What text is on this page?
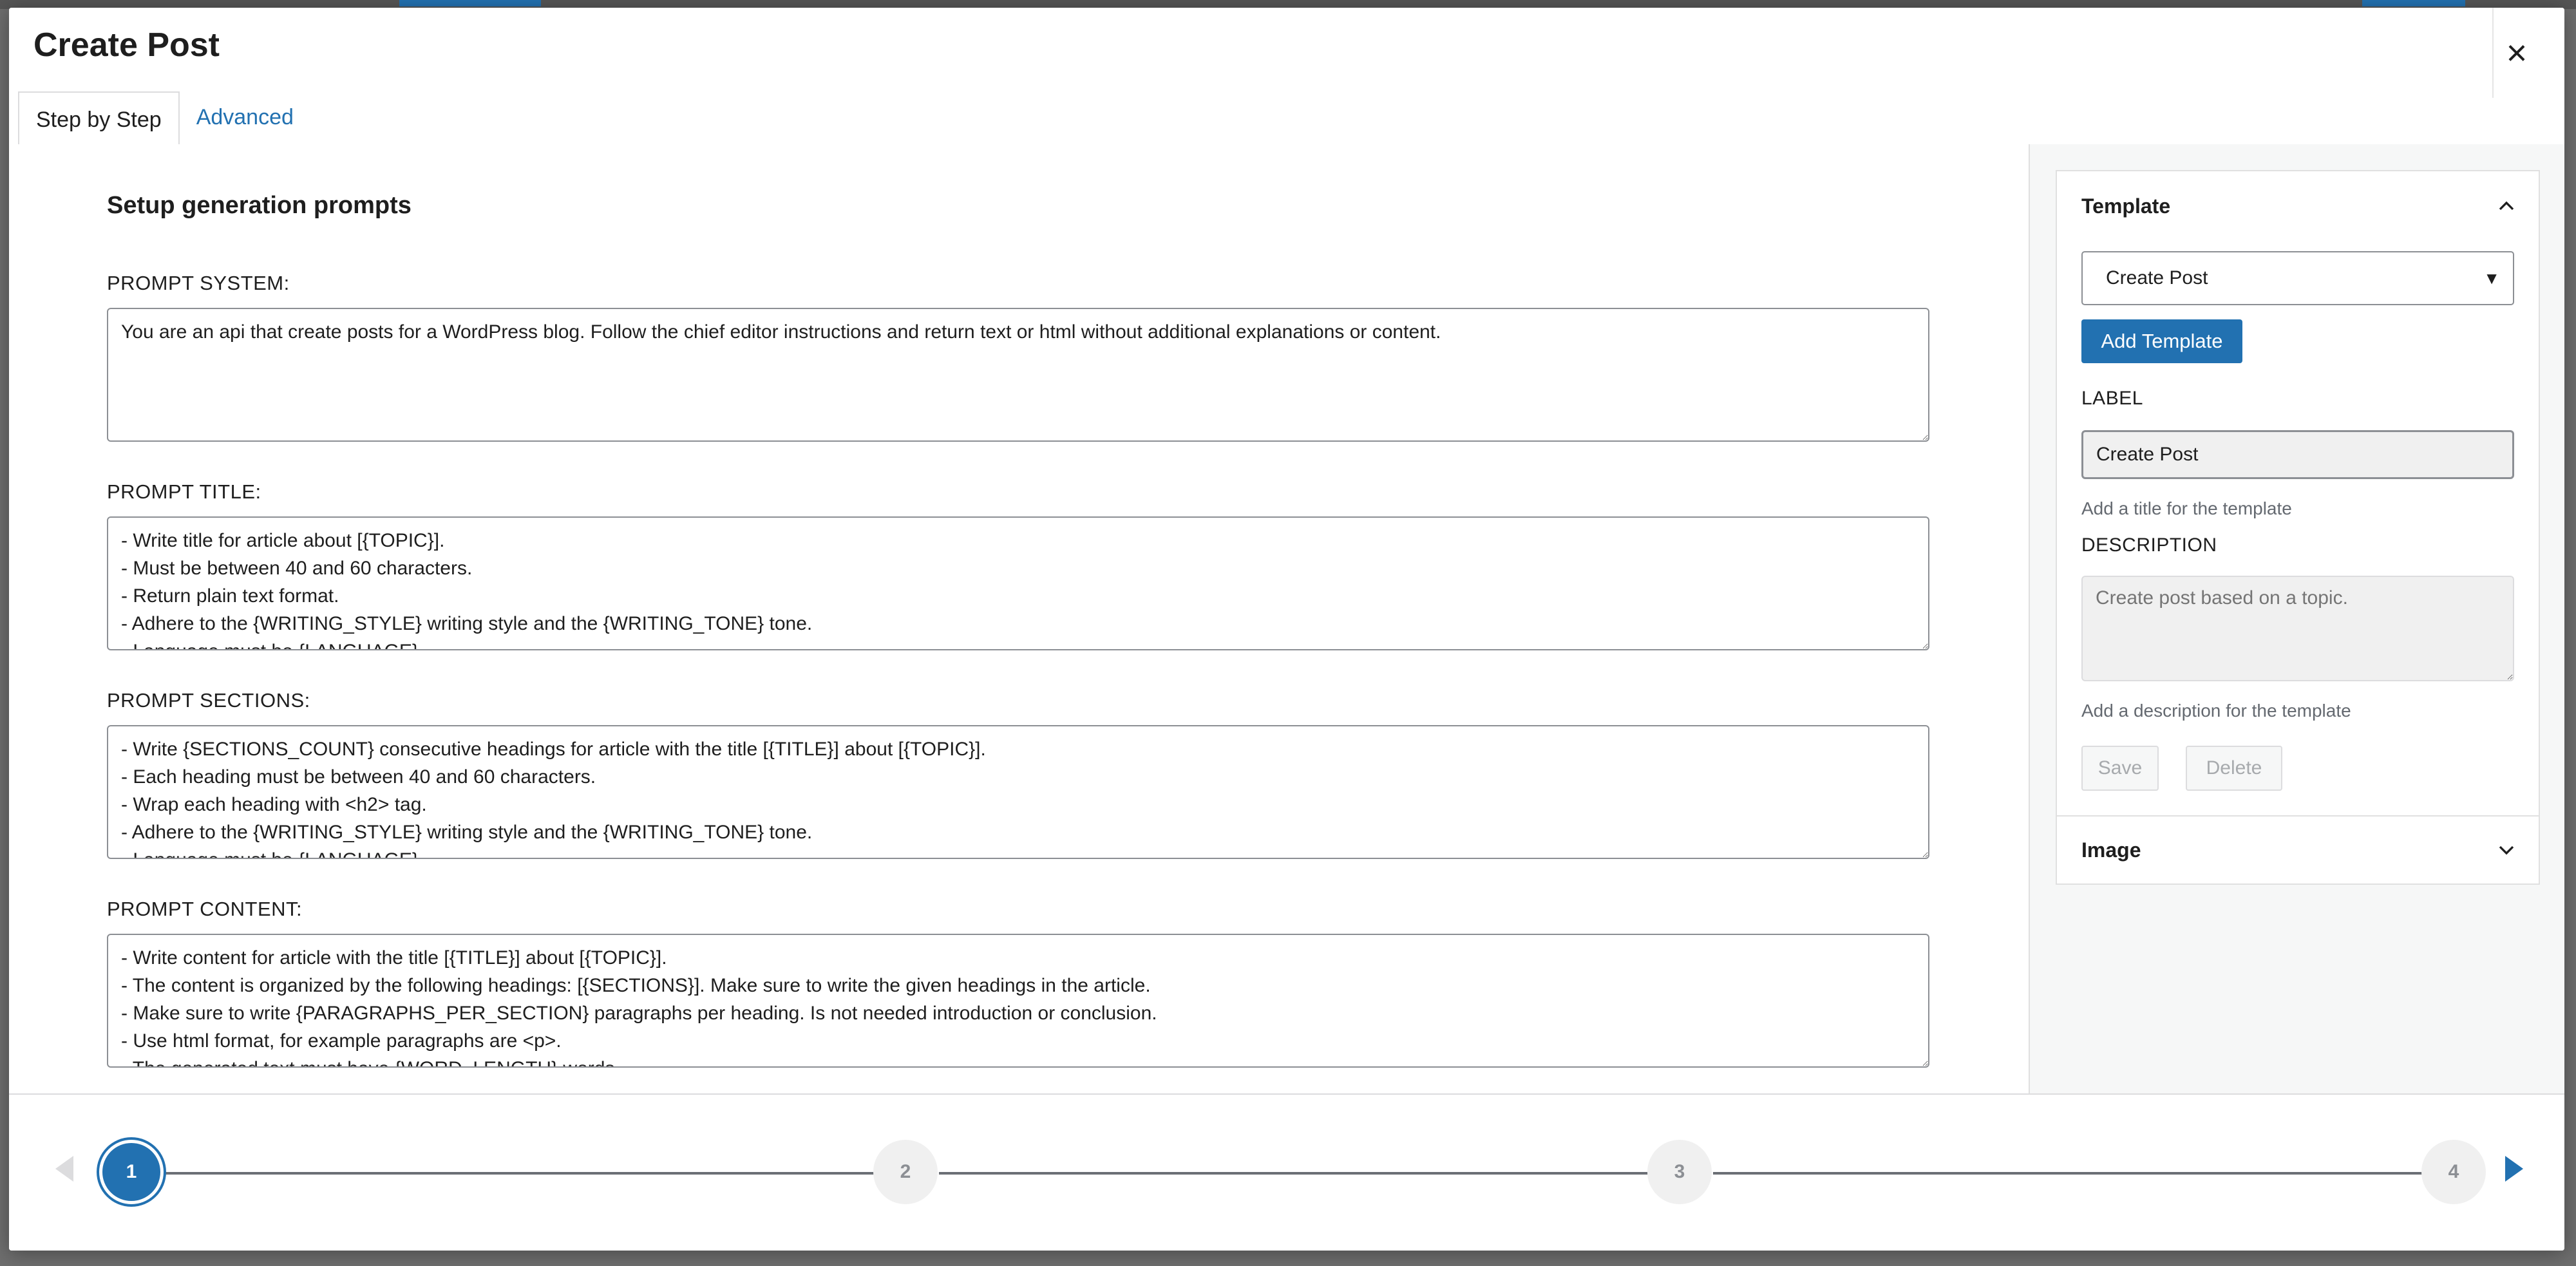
Create Post	×
Step by Step	Advanced
Setup generation prompts
PROMPT SYSTEM:
You are an api that create posts for a WordPress blog. Follow the chief editor instructions and return text or html without additional explanations or content.
PROMPT TITLE:
- Write title for article about [{TOPIC}]. - Must be between 40 and 60 characters. - Return plain text format. - Adhere to the {WRITING_STYLE} writing style and the {WRITING_TONE} tone. - Language must be {LANGUAGE}.
PROMPT SECTIONS:
- Write {SECTIONS_COUNT} consecutive headings for article with the title [{TITLE}] about [{TOPIC}]. - Each heading must be between 40 and 60 characters. - Wrap each heading with <h2> tag. - Adhere to the {WRITING_STYLE} writing style and the {WRITING_TONE} tone. - Language must be {LANGUAGE}.
PROMPT CONTENT:
- Write content for article with the title [{TITLE}] about [{TOPIC}]. - The content is organized by the following headings: [{SECTIONS}]. Make sure to write the given headings in the article. - Make sure to write {PARAGRAPHS_PER_SECTION} paragraphs per heading. Is not needed introduction or conclusion. - Use html format, for example paragraphs are <p>. - The generated text must have {WORD_LENGTH} words.
Template
Create Post	▼
Add Template
LABEL
Create Post
Add a title for the template
DESCRIPTION
Create post based on a topic.
Add a description for the template
Save	Delete
Image
1	2	3	4
